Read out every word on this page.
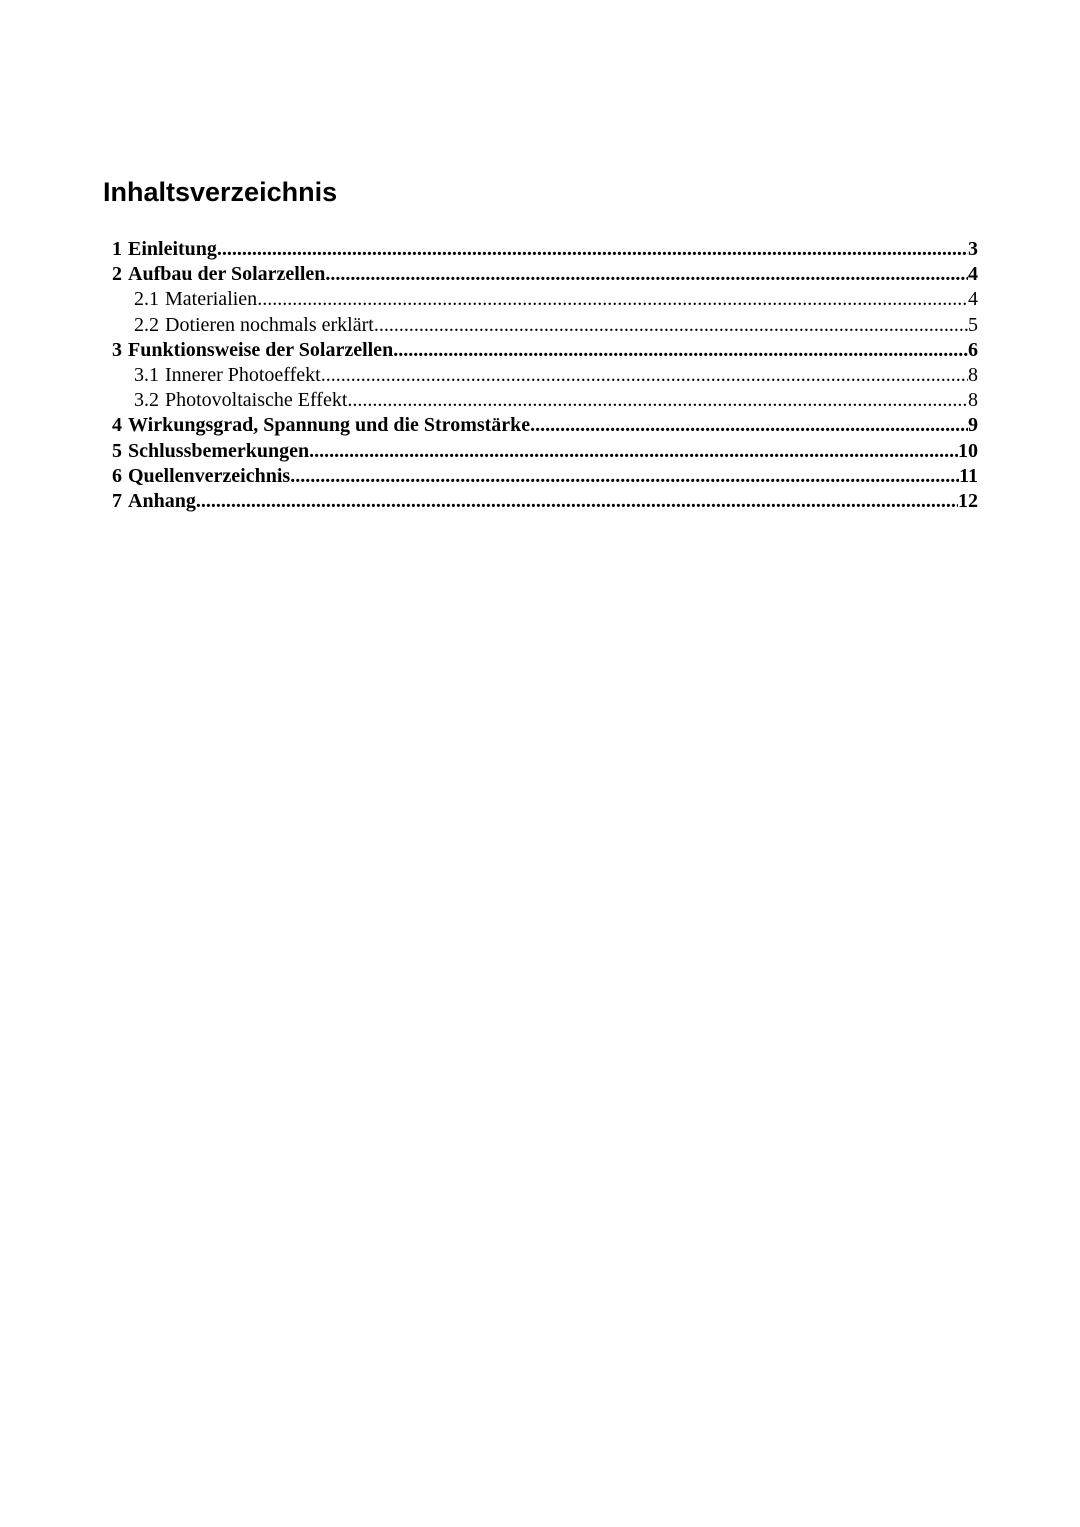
Inhaltsverzeichnis
1 Einleitung .....	3
2 Aufbau der Solarzellen .....	4
2.1 Materialien .....	4
2.2 Dotieren nochmals erklärt .....	5
3 Funktionsweise der Solarzellen .....	6
3.1 Innerer Photoeffekt .....	8
3.2 Photovoltaische Effekt .....	8
4 Wirkungsgrad, Spannung und die Stromstärke .....	9
5 Schlussbemerkungen .....	10
6 Quellenverzeichnis .....	11
7 Anhang .....	12
